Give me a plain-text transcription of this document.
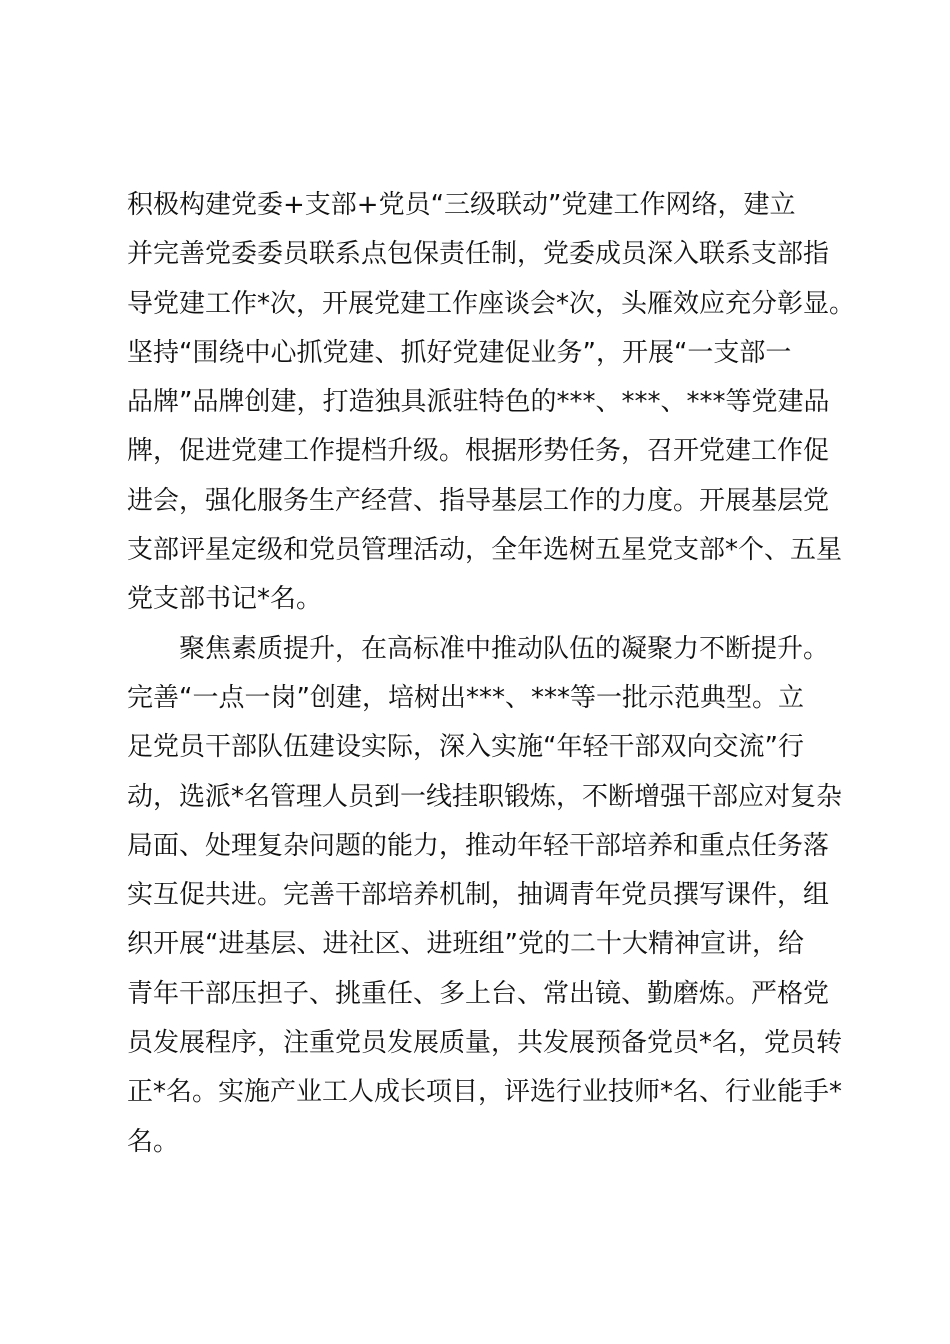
积极构建党委+支部+党员“三级联动”党建工作网络，建立
并完善党委委员联系点包保责任制，党委成员深入联系支部指
导党建工作*次，开展党建工作座谈会*次，头雁效应充分彰显。
坚持“围绕中心抓党建、抓好党建促业务”，开展“一支部一
品牌”品牌创建，打造独具派驻特色的***、***、***等党建品
牌，促进党建工作提档升级。根据形势任务，召开党建工作促
进会，强化服务生产经营、指导基层工作的力度。开展基层党
支部评星定级和党员管理活动，全年选树五星党支部*个、五星
党支部书记*名。
聚焦素质提升，在高标准中推动队伍的凝聚力不断提升。
完善“一点一岗”创建，培树出***、***等一批示范典型。立
足党员干部队伍建设实际，深入实施“年轻干部双向交流”行
动，选派*名管理人员到一线挂职锻炼，不断增强干部应对复杂
局面、处理复杂问题的能力，推动年轻干部培养和重点任务落
实互促共进。完善干部培养机制，抽调青年党员撰写课件，组
织开展“进基层、进社区、进班组”党的二十大精神宣讲，给
青年干部压担子、挑重任、多上台、常出镜、勤磨炼。严格党
员发展程序，注重党员发展质量，共发展预备党员*名，党员转
正*名。实施产业工人成长项目，评选行业技师*名、行业能手*
名。
